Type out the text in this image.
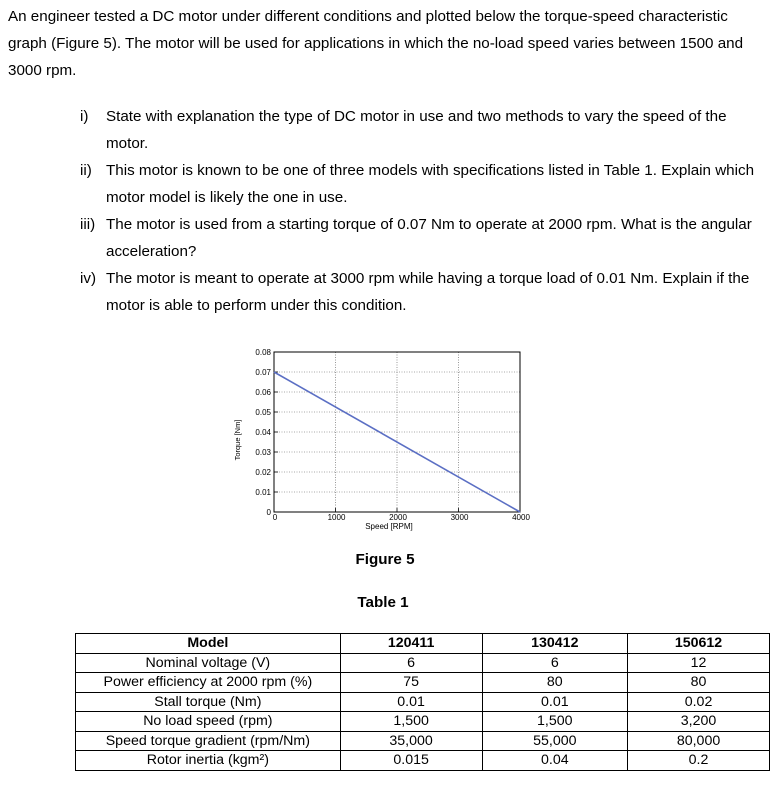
An engineer tested a DC motor under different conditions and plotted below the torque-speed characteristic graph (Figure 5). The motor will be used for applications in which the no-load speed varies between 1500 and 3000 rpm.
i) State with explanation the type of DC motor in use and two methods to vary the speed of the motor.
ii) This motor is known to be one of three models with specifications listed in Table 1. Explain which motor model is likely the one in use.
iii) The motor is used from a starting torque of 0.07 Nm to operate at 2000 rpm. What is the angular acceleration?
iv) The motor is meant to operate at 3000 rpm while having a torque load of 0.01 Nm. Explain if the motor is able to perform under this condition.
0
0.01
0.02
0.03
0.04
0.05
0.06
0.07
0.08
0	1000	2000	3000	4000
Speed [RPM]
Torque [Nm]
Figure 5
Table 1
Model	120411	130412	150612
Nominal voltage (V)	6	6	12
Power efficiency at 2000 rpm (%)	75	80	80
Stall torque (Nm)	0.01	0.01	0.02
No load speed (rpm)	1,500	1,500	3,200
Speed torque gradient (rpm/Nm)	35,000	55,000	80,000
Rotor inertia (kgm²)	0.015	0.04	0.2
